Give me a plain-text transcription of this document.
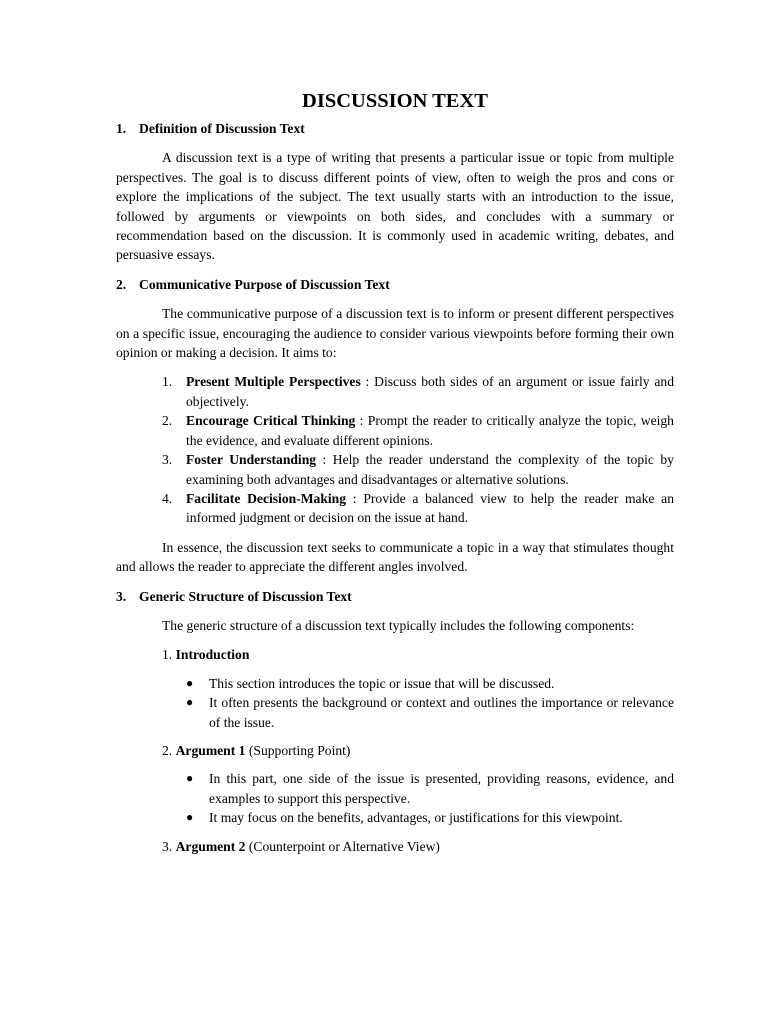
DISCUSSION TEXT
1. Definition of Discussion Text

A discussion text is a type of writing that presents a particular issue or topic from multiple perspectives. The goal is to discuss different points of view, often to weigh the pros and cons or explore the implications of the subject. The text usually starts with an introduction to the issue, followed by arguments or viewpoints on both sides, and concludes with a summary or recommendation based on the discussion. It is commonly used in academic writing, debates, and persuasive essays.

2. Communicative Purpose of Discussion Text

The communicative purpose of a discussion text is to inform or present different perspectives on a specific issue, encouraging the audience to consider various viewpoints before forming their own opinion or making a decision. It aims to:

1.	Present Multiple Perspectives : Discuss both sides of an argument or issue fairly and objectively.
2.	Encourage Critical Thinking : Prompt the reader to critically analyze the topic, weigh the evidence, and evaluate different opinions.
3.	Foster Understanding : Help the reader understand the complexity of the topic by examining both advantages and disadvantages or alternative solutions.
4.	Facilitate Decision-Making : Provide a balanced view to help the reader make an informed judgment or decision on the issue at hand.

In essence, the discussion text seeks to communicate a topic in a way that stimulates thought and allows the reader to appreciate the different angles involved.

3. Generic Structure of Discussion Text

The generic structure of a discussion text typically includes the following components:

1. Introduction
●	This section introduces the topic or issue that will be discussed.
●	It often presents the background or context and outlines the importance or relevance of the issue.
2. Argument 1 (Supporting Point)
●	In this part, one side of the issue is presented, providing reasons, evidence, and examples to support this perspective.
●	It may focus on the benefits, advantages, or justifications for this viewpoint.
3. Argument 2 (Counterpoint or Alternative View)
